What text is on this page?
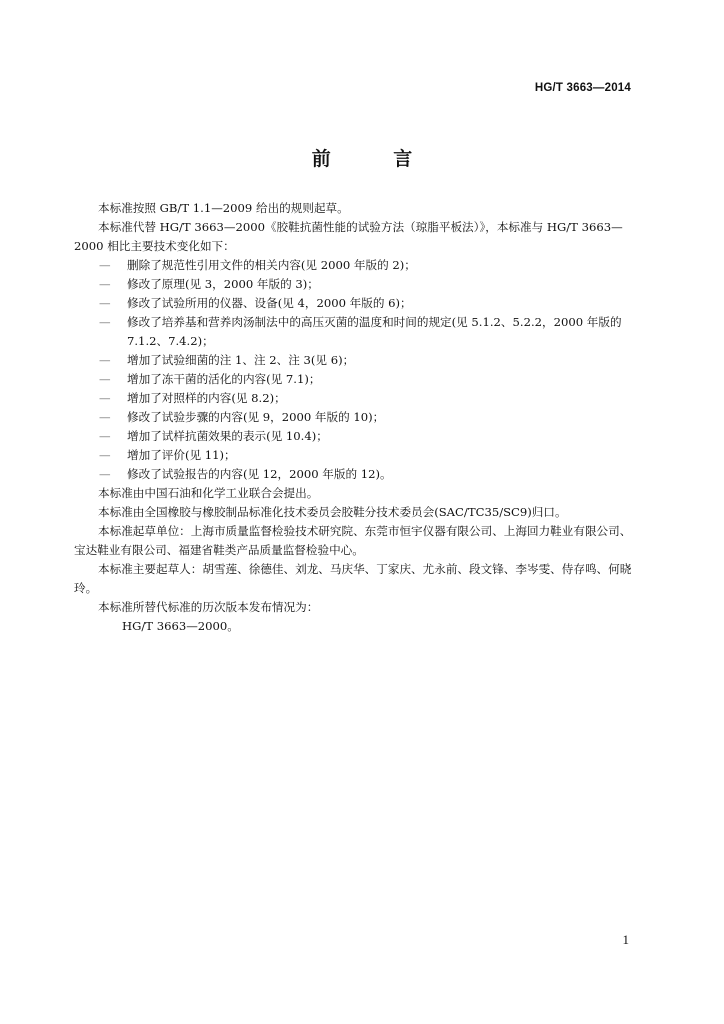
HG/T 3663—2014
前 言

本标准按照 GB/T 1.1—2009 给出的规则起草。

本标准代替 HG/T 3663—2000《胶鞋抗菌性能的试验方法（琼脂平板法）》，本标准与 HG/T 3663—2000 相比主要技术变化如下：

—	删除了规范性引用文件的相关内容(见 2000 年版的 2)；
—	修改了原理(见 3，2000 年版的 3)；
—	修改了试验所用的仪器、设备(见 4，2000 年版的 6)；
—	修改了培养基和营养肉汤制法中的高压灭菌的温度和时间的规定(见 5.1.2、5.2.2，2000 年版的 7.1.2、7.4.2)；
—	增加了试验细菌的注 1、注 2、注 3(见 6)；
—	增加了冻干菌的活化的内容(见 7.1)；
—	增加了对照样的内容(见 8.2)；
—	修改了试验步骤的内容(见 9，2000 年版的 10)；
—	增加了试样抗菌效果的表示(见 10.4)；
—	增加了评价(见 11)；
—	修改了试验报告的内容(见 12，2000 年版的 12)。

本标准由中国石油和化学工业联合会提出。

本标准由全国橡胶与橡胶制品标准化技术委员会胶鞋分技术委员会(SAC/TC35/SC9)归口。

本标准起草单位：上海市质量监督检验技术研究院、东莞市恒宇仪器有限公司、上海回力鞋业有限公司、宝达鞋业有限公司、福建省鞋类产品质量监督检验中心。

本标准主要起草人：胡雪莲、徐德佳、刘龙、马庆华、丁家庆、尤永前、段文锋、李岑雯、侍存鸣、何晓玲。

本标准所替代标准的历次版本发布情况为：

HG/T 3663—2000。

1
